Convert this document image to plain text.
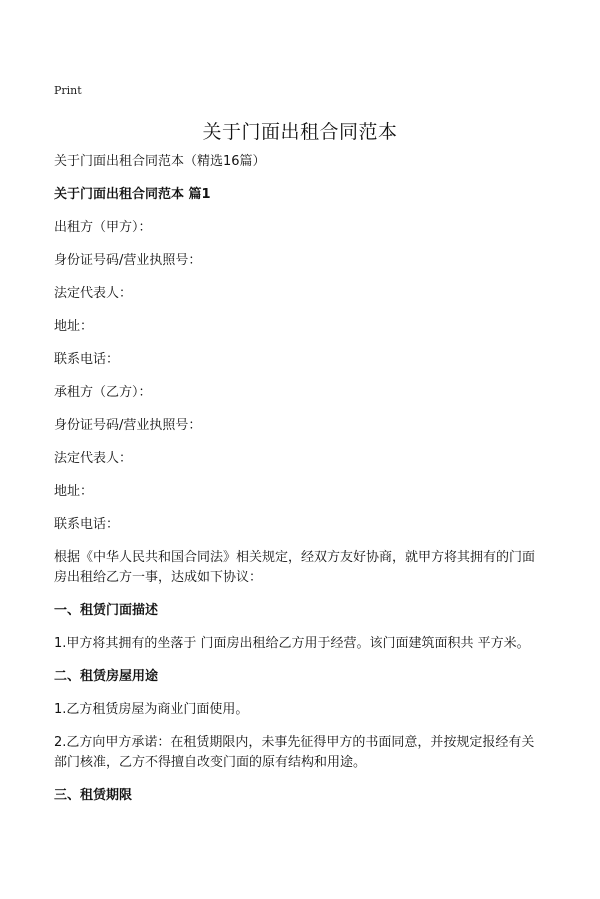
Print
关于门面出租合同范本

关于门面出租合同范本（精选16篇）

关于门面出租合同范本 篇1

出租方（甲方）：

身份证号码/营业执照号：

法定代表人：

地址：

联系电话：

承租方（乙方）：

身份证号码/营业执照号：

法定代表人：

地址：

联系电话：

根据《中华人民共和国合同法》相关规定，经双方友好协商，就甲方将其拥有的门面房出租给乙方一事，达成如下协议：

一、租赁门面描述

1.甲方将其拥有的坐落于 门面房出租给乙方用于经营。该门面建筑面积共 平方米。

二、租赁房屋用途

1.乙方租赁房屋为商业门面使用。

2.乙方向甲方承诺：在租赁期限内，未事先征得甲方的书面同意，并按规定报经有关部门核准，乙方不得擅自改变门面的原有结构和用途。

三、租赁期限
